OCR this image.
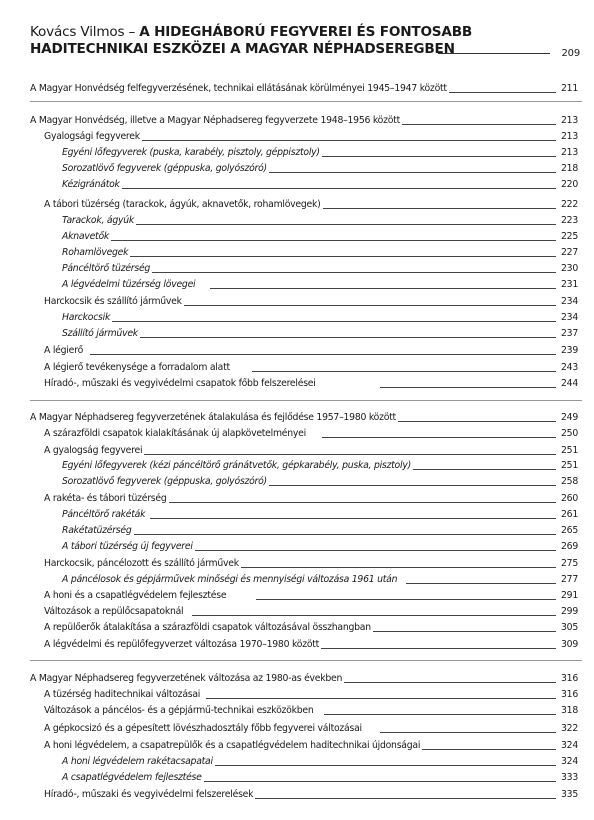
Kovács Vilmos – A HIDEGHÁBORÚ FEGYVEREI ÉS FONTOSABB
HADITECHNIKAI ESZKÖZEI A MAGYAR NÉPHADSEREGBEN	209
A Magyar Honvédség felfegyverzésének, technikai ellátásának körülményei 1945–1947 között	211
A Magyar Honvédség, illetve a Magyar Néphadsereg fegyverzete 1948–1956 között	213
Gyalogsági fegyverek	213
Egyéni lőfegyverek (puska, karabély, pisztoly, géppisztoly)	213
Sorozatlövő fegyverek (géppuska, golyószóró)	218
Kézigránátok	220
A tábori tüzérség (tarackok, ágyúk, aknavetők, rohamlövegek)	222
Tarackok, ágyúk	223
Aknavetők	225
Rohamlövegek	227
Páncéltörő tüzérség	230
A légvédelmi tüzérség lövegei	231
Harckocsik és szállító járművek	234
Harckocsik	234
Szállító járművek	237
A légierő	239
A légierő tevékenysége a forradalom alatt	243
Híradó-, műszaki és vegyivédelmi csapatok főbb felszerelései	244
A Magyar Néphadsereg fegyverzetének átalakulása és fejlődése 1957–1980 között	249
A szárazföldi csapatok kialakításának új alapkövetelményei	250
A gyalogság fegyverei	251
Egyéni lőfegyverek (kézi páncéltörő gránátvetők, gépkarabély, puska, pisztoly)	251
Sorozatlövő fegyverek (géppuska, golyószóró)	258
A rakéta- és tábori tüzérség	260
Páncéltörő rakéták	261
Rakétatüzérség	265
A tábori tüzérség új fegyverei	269
Harckocsik, páncélozott és szállító járművek	275
A páncélosok és gépjárművek minőségi és mennyiségi változása 1961 után	277
A honi és a csapatlégvédelem fejlesztése	291
Változások a repülőcsapatoknál	299
A repülőerők átalakítása a szárazföldi csapatok változásával összhangban	305
A légvédelmi és repülőfegyverzet változása 1970–1980 között	309
A Magyar Néphadsereg fegyverzetének változása az 1980-as években	316
A tüzérség haditechnikai változásai	316
Változások a páncélos- és a gépjármű-technikai eszközökben	318
A gépkocsizó és a gépesített lövészhadosztály főbb fegyverei változásai	322
A honi légvédelem, a csapatrepülők és a csapatlégvédelem haditechnikai újdonságai	324
A honi légvédelem rakétacsapatai	324
A csapatlégvédelem fejlesztése	333
Híradó-, műszaki és vegyivédelmi felszerelések	335
